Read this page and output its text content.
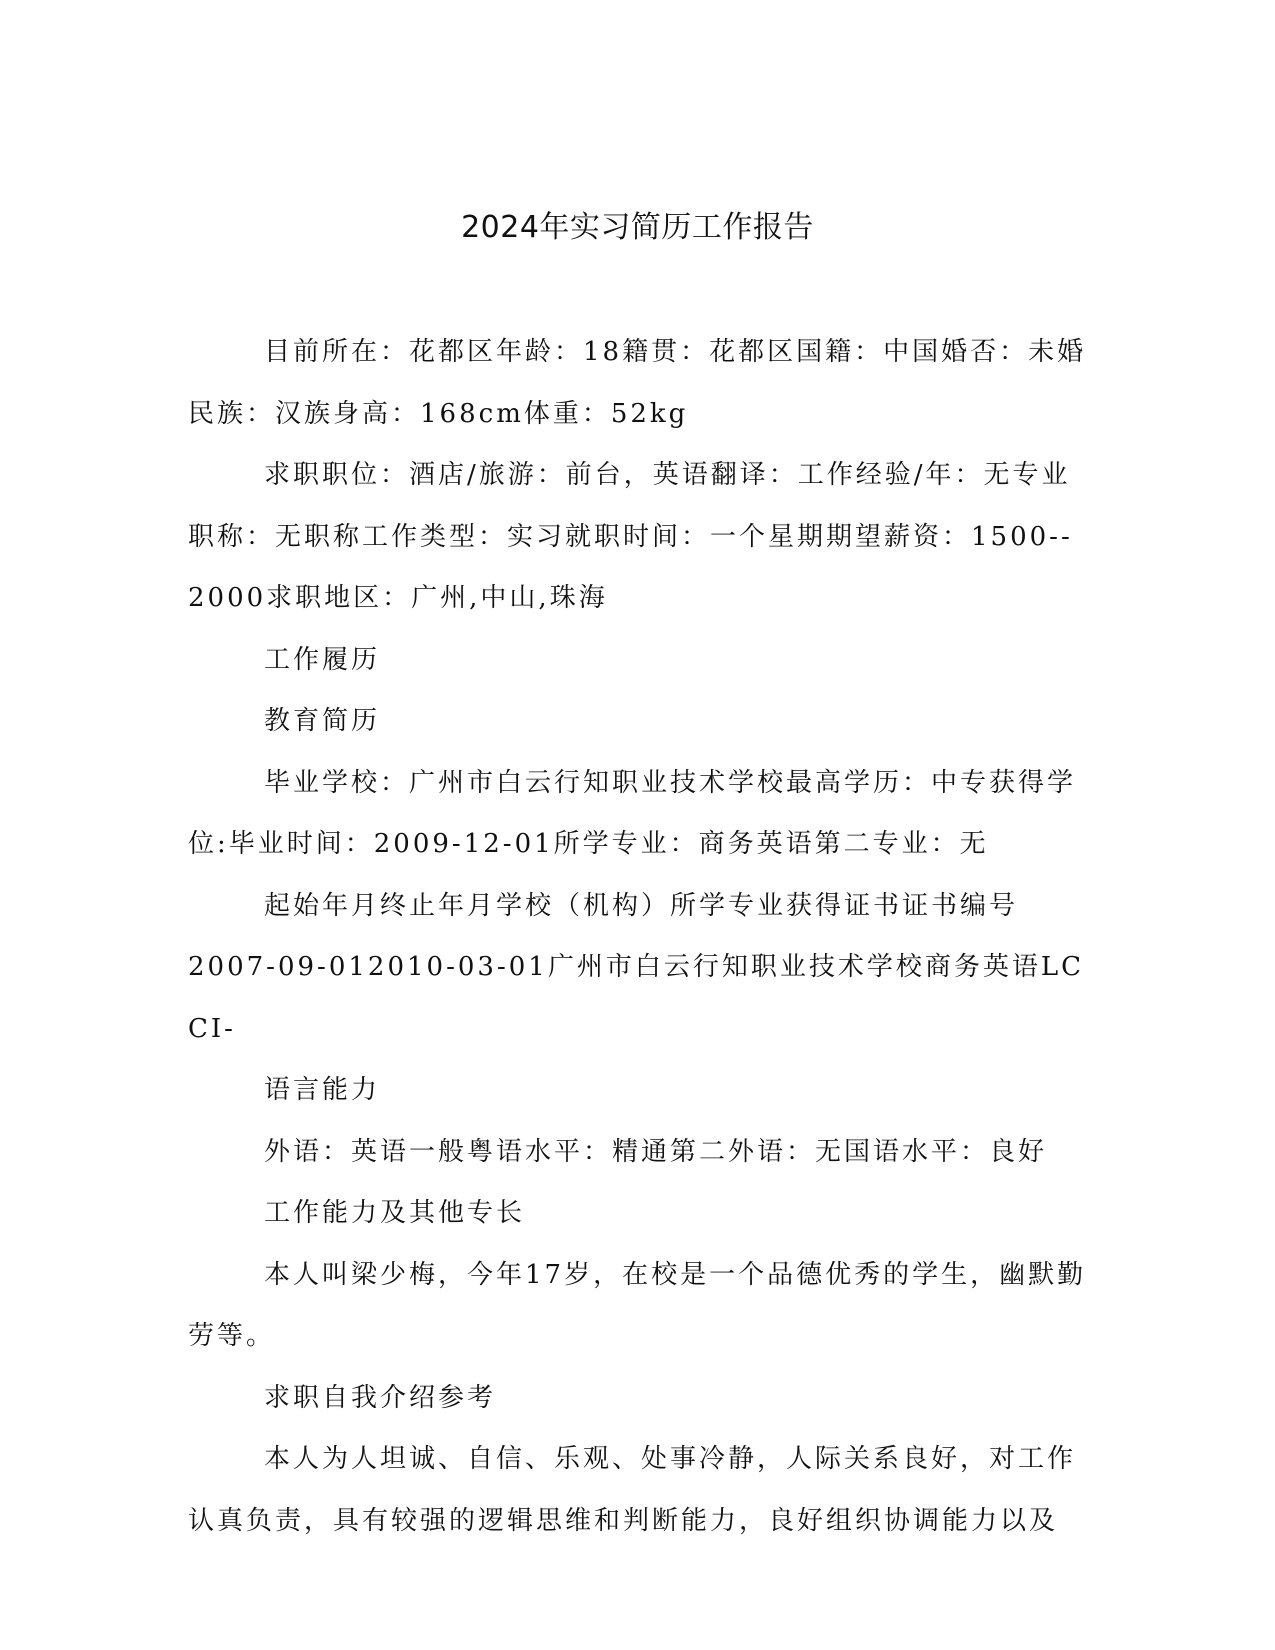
2024年实习简历工作报告

目前所在：花都区年龄：18籍贯：花都区国籍：中国婚否：未婚民族：汉族身高：168cm体重：52kg

求职职位：酒店/旅游：前台，英语翻译：工作经验/年：无专业职称：无职称工作类型：实习就职时间：一个星期期望薪资：1500--2000求职地区：广州,中山,珠海

工作履历

教育简历

毕业学校：广州市白云行知职业技术学校最高学历：中专获得学位:毕业时间：2009-12-01所学专业：商务英语第二专业：无

起始年月终止年月学校（机构）所学专业获得证书证书编号

2007-09-012010-03-01广州市白云行知职业技术学校商务英语LCCI-

语言能力

外语：英语一般粤语水平：精通第二外语：无国语水平：良好

工作能力及其他专长

本人叫梁少梅，今年17岁，在校是一个品德优秀的学生，幽默勤劳等。

求职自我介绍参考

本人为人坦诚、自信、乐观、处事冷静，人际关系良好，对工作认真负责，具有较强的逻辑思维和判断能力，良好组织协调能力以及
